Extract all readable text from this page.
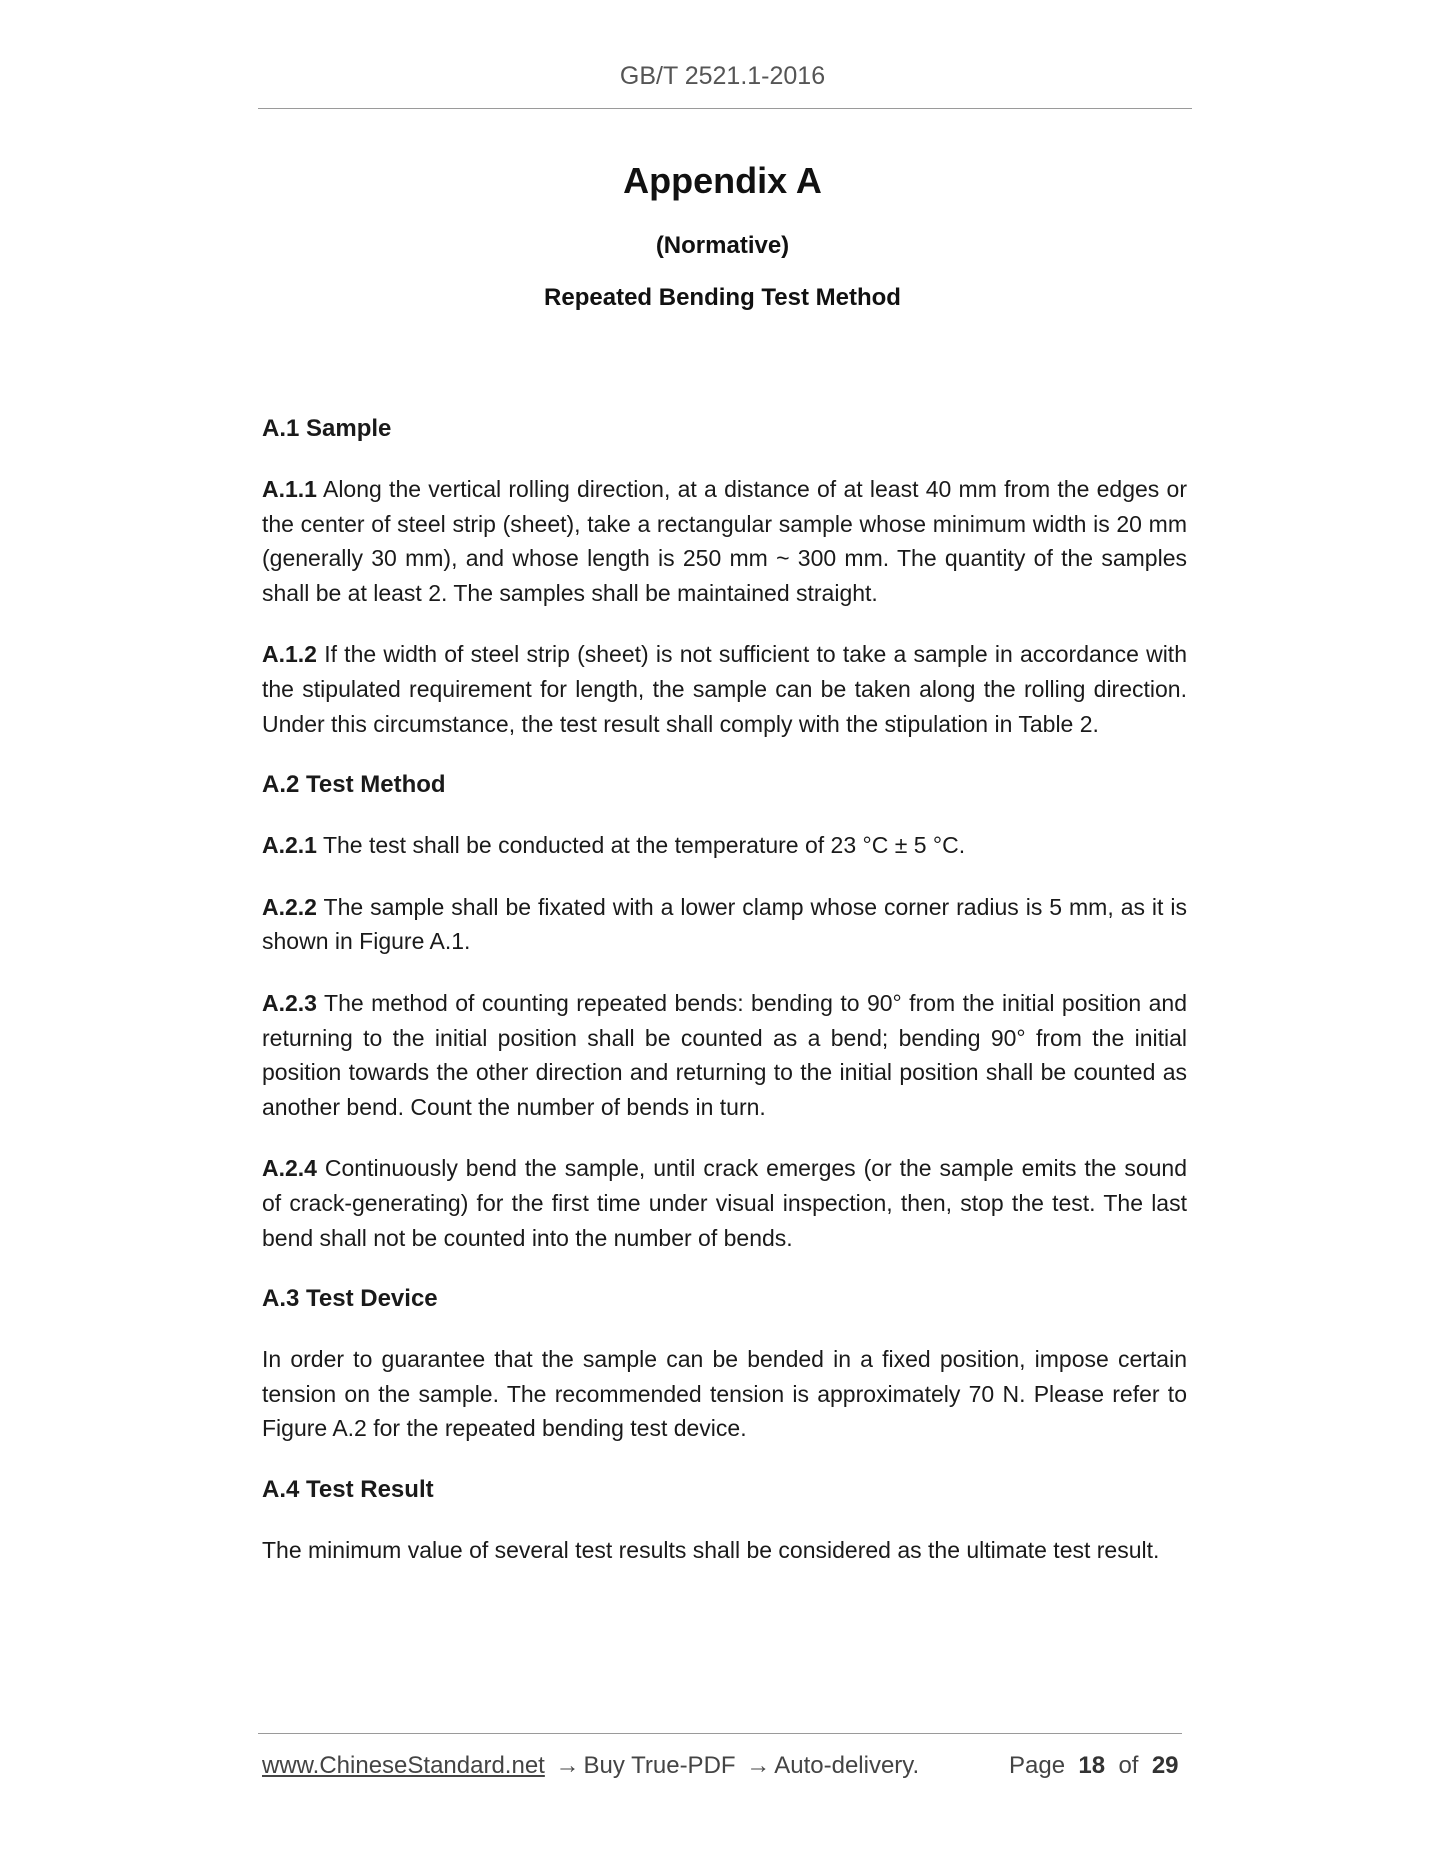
GB/T 2521.1-2016
Appendix A
(Normative)
Repeated Bending Test Method
A.1 Sample

A.1.1 Along the vertical rolling direction, at a distance of at least 40 mm from the edges or the center of steel strip (sheet), take a rectangular sample whose minimum width is 20 mm (generally 30 mm), and whose length is 250 mm ~ 300 mm. The quantity of the samples shall be at least 2. The samples shall be maintained straight.

A.1.2 If the width of steel strip (sheet) is not sufficient to take a sample in accordance with the stipulated requirement for length, the sample can be taken along the rolling direction. Under this circumstance, the test result shall comply with the stipulation in Table 2.

A.2 Test Method

A.2.1 The test shall be conducted at the temperature of 23 °C ± 5 °C.

A.2.2 The sample shall be fixated with a lower clamp whose corner radius is 5 mm, as it is shown in Figure A.1.

A.2.3 The method of counting repeated bends: bending to 90° from the initial position and returning to the initial position shall be counted as a bend; bending 90° from the initial position towards the other direction and returning to the initial position shall be counted as another bend. Count the number of bends in turn.

A.2.4 Continuously bend the sample, until crack emerges (or the sample emits the sound of crack-generating) for the first time under visual inspection, then, stop the test. The last bend shall not be counted into the number of bends.

A.3 Test Device

In order to guarantee that the sample can be bended in a fixed position, impose certain tension on the sample. The recommended tension is approximately 70 N. Please refer to Figure A.2 for the repeated bending test device.

A.4 Test Result

The minimum value of several test results shall be considered as the ultimate test result.

www.ChineseStandard.net → Buy True-PDF → Auto-delivery.	Page 18 of 29
